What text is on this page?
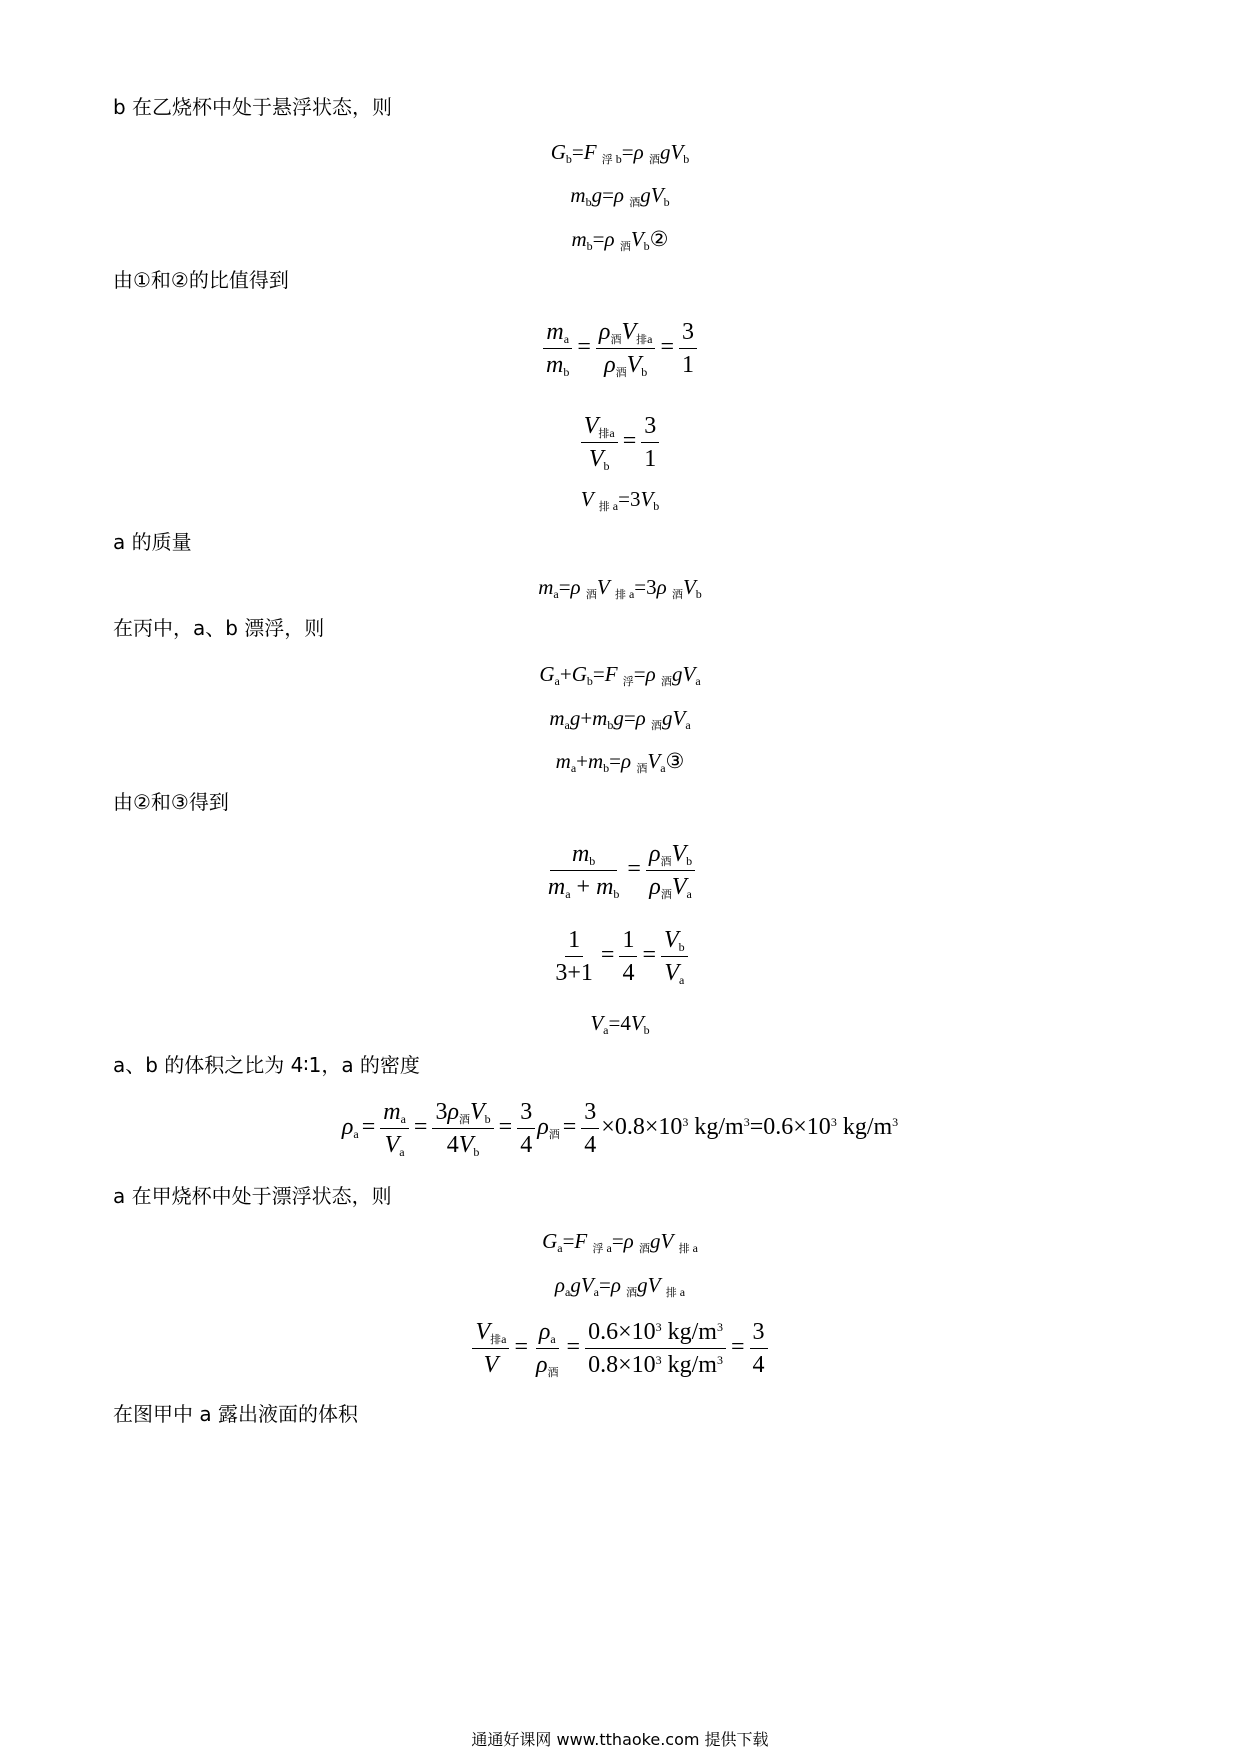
b 在乙烧杯中处于悬浮状态，则
$G_b=F$ $_{浮 b}$=ρ $_酒gV_b$
$m_bg=\rho$ $_酒gV_b$
$m_b=\rho$ $_酒V_b②$
由①和②的比值得到
$\frac{m_a}{m_b} = \frac{\rho_酒V_{排a}}{\rho_酒V_b} = \frac{3}{1}$
$\frac{V_{排a}}{V_b} = \frac{3}{1}$
V $_{排 a}=3V_b$
a 的质量
$m_a=\rho$ $_酒$V $_{排 a}$=3ρ $_酒V_b$
在丙中，a、b 漂浮，则
$G_a+G_b=F$ $_浮$=ρ $_酒gV_a$
$m_ag+m_bg=\rho$ $_酒gV_a$
$m_a+m_b=\rho$ $_酒V_a③$
由②和③得到
$\frac{m_b}{m_a + m_b} = \frac{\rho_酒V_b}{\rho_酒V_a}$
$\frac{1}{3+1} = \frac{1}{4} = \frac{V_b}{V_a}$
$V_a=4V_b$
a、b 的体积之比为 4∶1，a 的密度
$\rho_a = \frac{m_a}{V_a} = \frac{3\rho_酒V_b}{4V_b} = \frac{3}{4} \rho_酒 = \frac{3}{4} \times 0.8\times 10^3$ $kg/m^3=0.6\times 10^3$ $kg/m^3$
a 在甲烧杯中处于漂浮状态，则
$G_a=F$ $_{浮 a}$=ρ $_酒$gV $_{排 a}$
$\rho_agV_a=\rho$ $_酒$gV $_{排 a}$
$\frac{V_{排a}}{V} = \frac{\rho_a}{\rho_酒} = \frac{0.6\times 10^3 kg/m^3}{0.8\times 10^3 kg/m^3} = \frac{3}{4}$
在图甲中 a 露出液面的体积
通通好课网 www.tthaoke.com 提供下载
